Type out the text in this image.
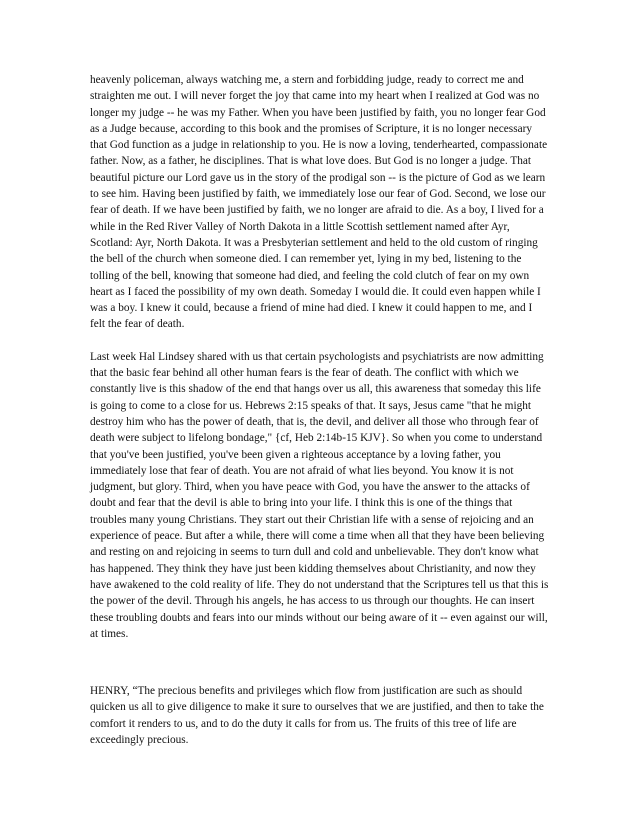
heavenly policeman, always watching me, a stern and forbidding judge, ready to correct me and straighten me out. I will never forget the joy that came into my heart when I realized at God was no longer my judge -- he was my Father. When you have been justified by faith, you no longer fear God as a Judge because, according to this book and the promises of Scripture, it is no longer necessary that God function as a judge in relationship to you. He is now a loving, tenderhearted, compassionate father. Now, as a father, he disciplines. That is what love does. But God is no longer a judge. That beautiful picture our Lord gave us in the story of the prodigal son -- is the picture of God as we learn to see him. Having been justified by faith, we immediately lose our fear of God. Second, we lose our fear of death. If we have been justified by faith, we no longer are afraid to die. As a boy, I lived for a while in the Red River Valley of North Dakota in a little Scottish settlement named after Ayr, Scotland: Ayr, North Dakota. It was a Presbyterian settlement and held to the old custom of ringing the bell of the church when someone died. I can remember yet, lying in my bed, listening to the tolling of the bell, knowing that someone had died, and feeling the cold clutch of fear on my own heart as I faced the possibility of my own death. Someday I would die. It could even happen while I was a boy. I knew it could, because a friend of mine had died. I knew it could happen to me, and I felt the fear of death.

Last week Hal Lindsey shared with us that certain psychologists and psychiatrists are now admitting that the basic fear behind all other human fears is the fear of death. The conflict with which we constantly live is this shadow of the end that hangs over us all, this awareness that someday this life is going to come to a close for us. Hebrews 2:15 speaks of that. It says, Jesus came "that he might destroy him who has the power of death, that is, the devil, and deliver all those who through fear of death were subject to lifelong bondage," {cf, Heb 2:14b-15 KJV}. So when you come to understand that you've been justified, you've been given a righteous acceptance by a loving father, you immediately lose that fear of death. You are not afraid of what lies beyond. You know it is not judgment, but glory. Third, when you have peace with God, you have the answer to the attacks of doubt and fear that the devil is able to bring into your life. I think this is one of the things that troubles many young Christians. They start out their Christian life with a sense of rejoicing and an experience of peace. But after a while, there will come a time when all that they have been believing and resting on and rejoicing in seems to turn dull and cold and unbelievable. They don't know what has happened. They think they have just been kidding themselves about Christianity, and now they have awakened to the cold reality of life. They do not understand that the Scriptures tell us that this is the power of the devil. Through his angels, he has access to us through our thoughts. He can insert these troubling doubts and fears into our minds without our being aware of it -- even against our will, at times.

HENRY, “The precious benefits and privileges which flow from justification are such as should quicken us all to give diligence to make it sure to ourselves that we are justified, and then to take the comfort it renders to us, and to do the duty it calls for from us. The fruits of this tree of life are exceedingly precious.
